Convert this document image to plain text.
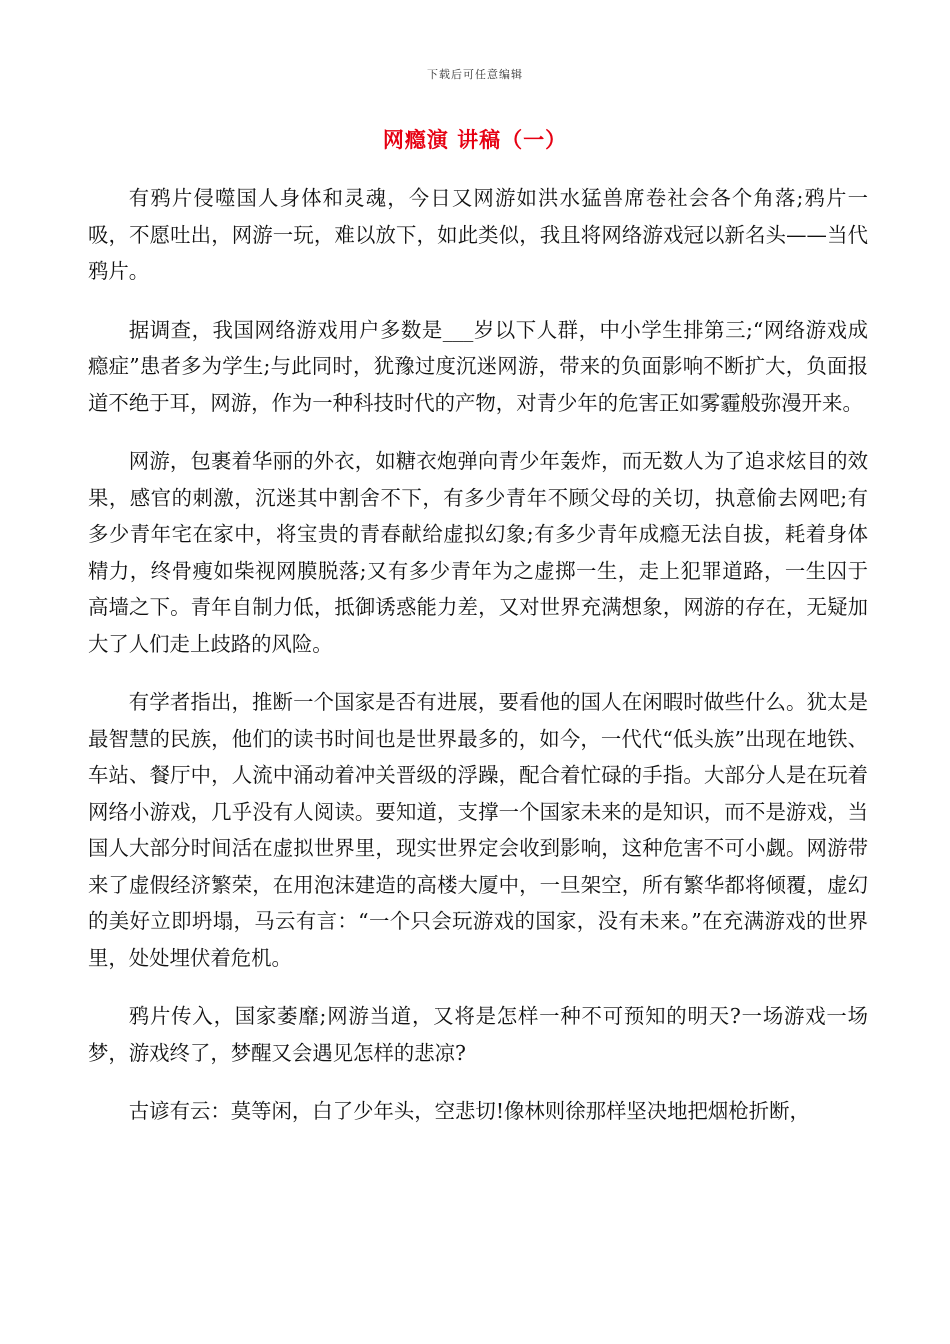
下载后可任意编辑
网瘾演 讲稿（一）

有鸦片侵噬国人身体和灵魂，今日又网游如洪水猛兽席卷社会各个角落;鸦片一吸，不愿吐出，网游一玩，难以放下，如此类似，我且将网络游戏冠以新名头——当代鸦片。

据调查，我国网络游戏用户多数是___岁以下人群，中小学生排第三;“网络游戏成瘾症”患者多为学生;与此同时，犹豫过度沉迷网游，带来的负面影响不断扩大，负面报道不绝于耳，网游，作为一种科技时代的产物，对青少年的危害正如雾霾般弥漫开来。

网游，包裹着华丽的外衣，如糖衣炮弹向青少年轰炸，而无数人为了追求炫目的效果，感官的刺激，沉迷其中割舍不下，有多少青年不顾父母的关切，执意偷去网吧;有多少青年宅在家中，将宝贵的青春献给虚拟幻象;有多少青年成瘾无法自拔，耗着身体精力，终骨瘦如柴视网膜脱落;又有多少青年为之虚掷一生，走上犯罪道路，一生囚于高墙之下。青年自制力低，抵御诱惑能力差，又对世界充满想象，网游的存在，无疑加大了人们走上歧路的风险。

有学者指出，推断一个国家是否有进展，要看他的国人在闲暇时做些什么。犹太是最智慧的民族，他们的读书时间也是世界最多的，如今，一代代“低头族”出现在地铁、车站、餐厅中，人流中涌动着冲关晋级的浮躁，配合着忙碌的手指。大部分人是在玩着网络小游戏，几乎没有人阅读。要知道，支撑一个国家未来的是知识，而不是游戏，当国人大部分时间活在虚拟世界里，现实世界定会收到影响，这种危害不可小觑。网游带来了虚假经济繁荣，在用泡沫建造的高楼大厦中，一旦架空，所有繁华都将倾覆，虚幻的美好立即坍塌，马云有言：“一个只会玩游戏的国家，没有未来。”在充满游戏的世界里，处处埋伏着危机。

鸦片传入，国家萎靡;网游当道，又将是怎样一种不可预知的明天?一场游戏一场梦，游戏终了，梦醒又会遇见怎样的悲凉?

古谚有云：莫等闲，白了少年头，空悲切!像林则徐那样坚决地把烟枪折断，
